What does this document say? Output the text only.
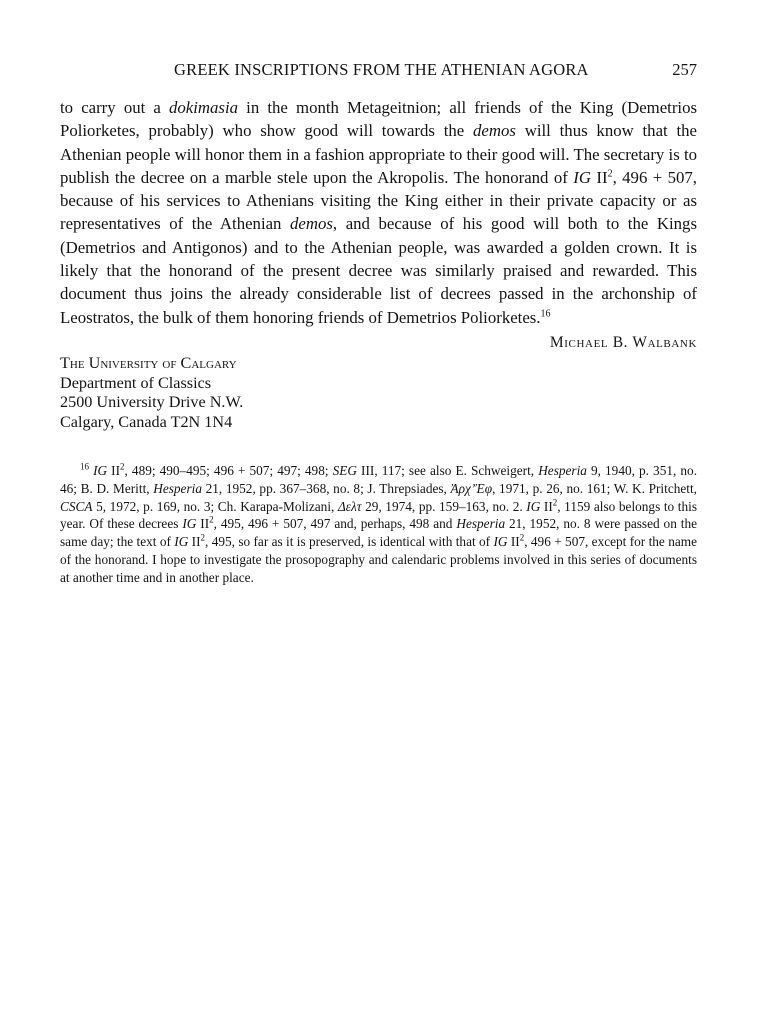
GREEK INSCRIPTIONS FROM THE ATHENIAN AGORA	257

to carry out a dokimasia in the month Metageitnion; all friends of the King (Demetrios Poliorketes, probably) who show good will towards the demos will thus know that the Athenian people will honor them in a fashion appropriate to their good will. The secretary is to publish the decree on a marble stele upon the Akropolis. The honorand of IG $II^2$, 496 + 507, because of his services to Athenians visiting the King either in their private capacity or as representatives of the Athenian demos, and because of his good will both to the Kings (Demetrios and Antigonos) and to the Athenian people, was awarded a golden crown. It is likely that the honorand of the present decree was similarly praised and rewarded. This document thus joins the already considerable list of decrees passed in the archonship of Leostratos, the bulk of them honoring friends of Demetrios Poliorketes.$^{16}$

Michael B. Walbank
The University of Calgary
Department of Classics
2500 University Drive N.W.
Calgary, Canada T2N 1N4

$^{16}$ IG II$^2$, 489; 490–495; 496 + 507; 497; 498; SEG III, 117; see also E. Schweigert, Hesperia 9, 1940, p. 351, no. 46; B. D. Meritt, Hesperia 21, 1952, pp. 367–368, no. 8; J. Threpsiades, Ἀρχ’Ἐφ, 1971, p. 26, no. 161; W. K. Pritchett, CSCA 5, 1972, p. 169, no. 3; Ch. Karapa-Molizani, Δελτ 29, 1974, pp. 159–163, no. 2. IG II$^2$, 1159 also belongs to this year. Of these decrees IG II$^2$, 495, 496 + 507, 497 and, perhaps, 498 and Hesperia 21, 1952, no. 8 were passed on the same day; the text of IG II$^2$, 495, so far as it is preserved, is identical with that of IG II$^2$, 496 + 507, except for the name of the honorand. I hope to investigate the prosopography and calendaric problems involved in this series of documents at another time and in another place.
